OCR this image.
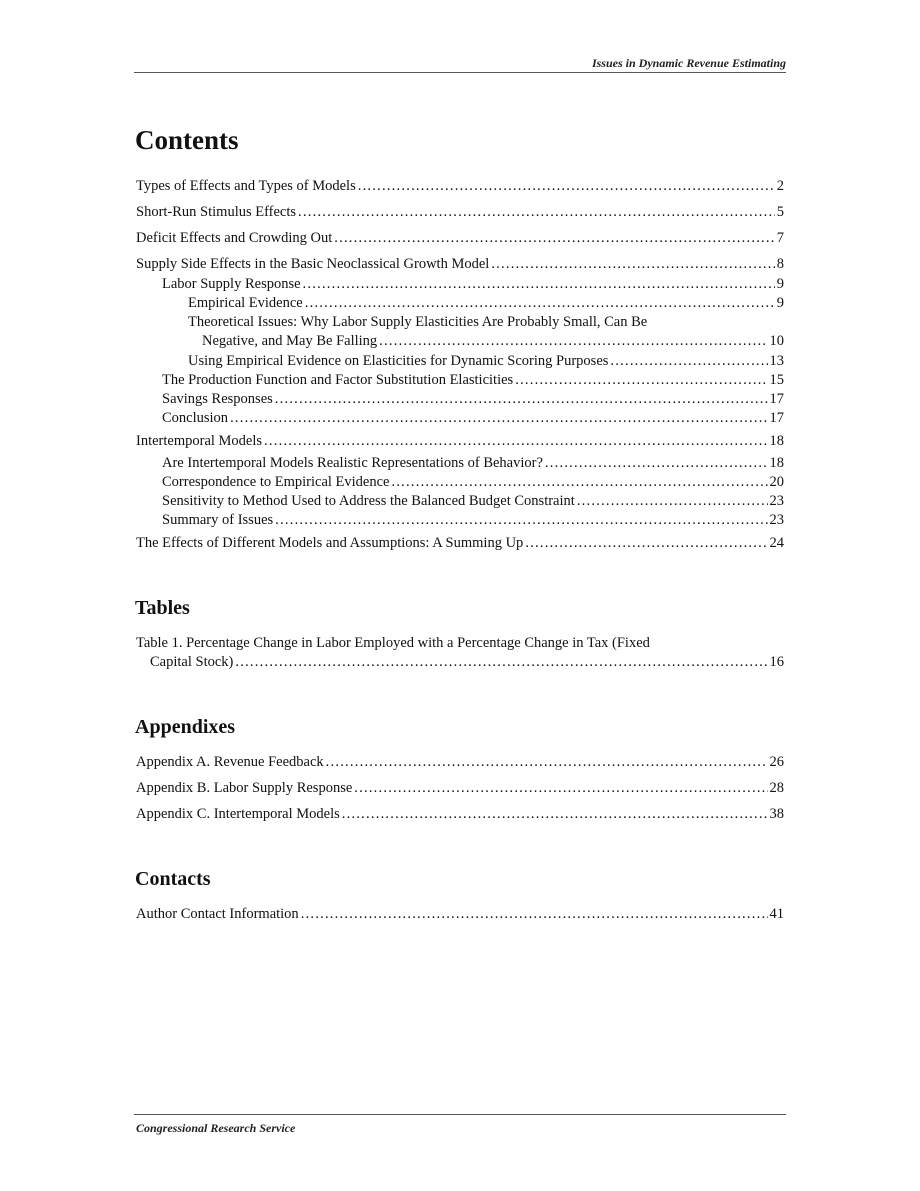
Issues in Dynamic Revenue Estimating
Contents
Types of Effects and Types of Models . . .	2
Short-Run Stimulus Effects . . .	5
Deficit Effects and Crowding Out . . .	7
Supply Side Effects in the Basic Neoclassical Growth Model . . .	8
Labor Supply Response . . .	9
Empirical Evidence . . .	9
Theoretical Issues: Why Labor Supply Elasticities Are Probably Small, Can Be
Negative, and May Be Falling . . .	10
Using Empirical Evidence on Elasticities for Dynamic Scoring Purposes . . .	13
The Production Function and Factor Substitution Elasticities . . .	15
Savings Responses . . .	17
Conclusion . . .	17
Intertemporal Models . . .	18
Are Intertemporal Models Realistic Representations of Behavior? . . .	18
Correspondence to Empirical Evidence . . .	20
Sensitivity to Method Used to Address the Balanced Budget Constraint . . .	23
Summary of Issues . . .	23
The Effects of Different Models and Assumptions: A Summing Up . . .	24
Tables
Table 1. Percentage Change in Labor Employed with a Percentage Change in Tax (Fixed
Capital Stock) . . .	16
Appendixes
Appendix A. Revenue Feedback . . .	26
Appendix B. Labor Supply Response . . .	28
Appendix C. Intertemporal Models . . .	38
Contacts
Author Contact Information . . .	41
Congressional Research Service
